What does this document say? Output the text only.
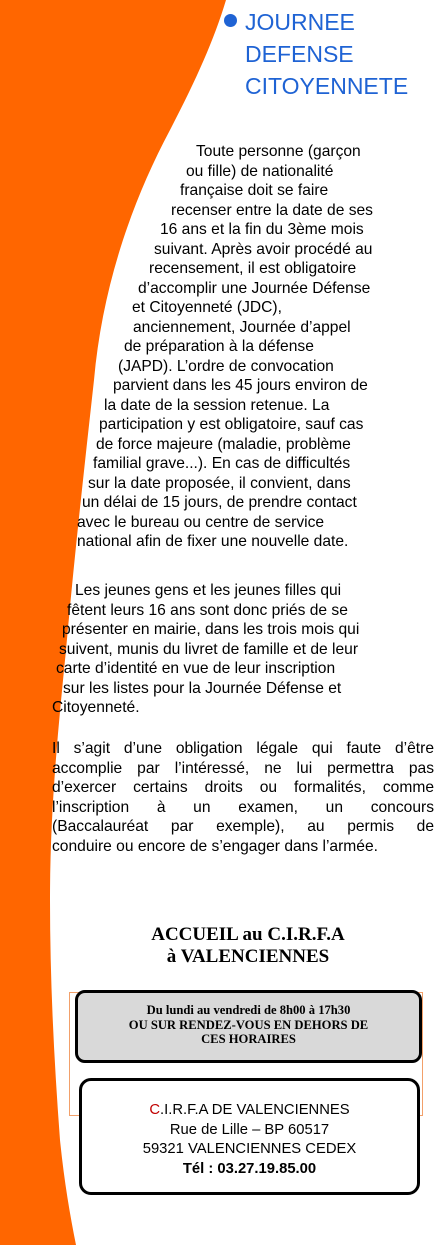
JOURNEE
DEFENSE
CITOYENNETE
Toute personne (garçon
ou fille) de nationalité
française doit se faire
recenser entre la date de ses
16 ans et la fin du 3ème mois
suivant. Après avoir procédé au
recensement, il est obligatoire
d’accomplir une Journée Défense
et Citoyenneté (JDC),
anciennement, Journée d’appel
de préparation à la défense
(JAPD). L’ordre de convocation
parvient dans les 45 jours environ de
la date de la session retenue. La
participation y est obligatoire, sauf cas
de force majeure (maladie, problème
familial grave...). En cas de difficultés
sur la date proposée, il convient, dans
un délai de 15 jours, de prendre contact
avec le bureau ou centre de service
national afin de fixer une nouvelle date.
Les jeunes gens et les jeunes filles qui
fêtent leurs 16 ans sont donc priés de se
présenter en mairie, dans les trois mois qui
suivent, munis du livret de famille et de leur
carte d’identité en vue de leur inscription
sur les listes pour la Journée Défense et
Citoyenneté.
Il s’agit d’une obligation légale qui faute d’être
accomplie par l’intéressé, ne lui permettra pas
d’exercer certains droits ou formalités, comme
l’inscription à un examen, un concours
(Baccalauréat par exemple), au permis de
conduire ou encore de s’engager dans l’armée.
ACCUEIL au C.I.R.F.A
à VALENCIENNES
Du lundi au vendredi de 8h00 à 17h30
OU SUR RENDEZ-VOUS EN DEHORS DE
CES HORAIRES
C.I.R.F.A DE VALENCIENNES
Rue de Lille – BP 60517
59321 VALENCIENNES CEDEX
Tél : 03.27.19.85.00
